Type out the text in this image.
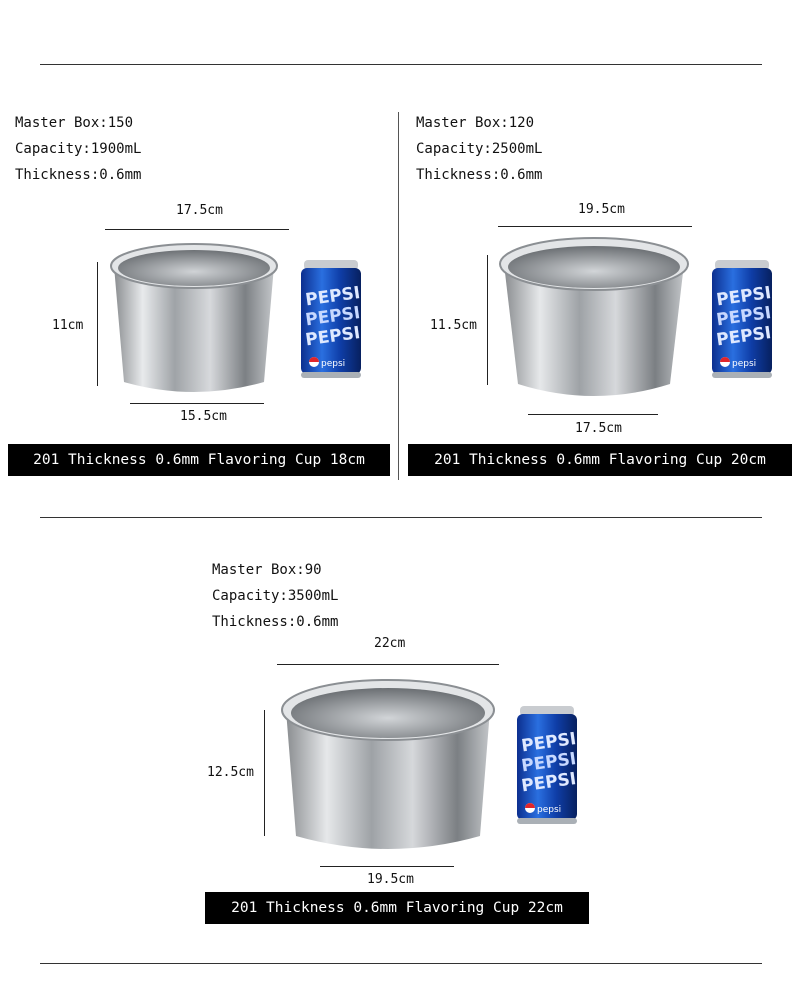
Master Box:150
Capacity:1900mL
Thickness:0.6mm
17.5cm
11cm
PEPSI
PEPSI
PEPSI
pepsi
15.5cm
201 Thickness 0.6mm Flavoring Cup 18cm
Master Box:120
Capacity:2500mL
Thickness:0.6mm
19.5cm
11.5cm
PEPSI
PEPSI
PEPSI
pepsi
17.5cm
201 Thickness 0.6mm Flavoring Cup 20cm
Master Box:90
Capacity:3500mL
Thickness:0.6mm
22cm
12.5cm
PEPSI
PEPSI
PEPSI
pepsi
19.5cm
201 Thickness 0.6mm Flavoring Cup 22cm
